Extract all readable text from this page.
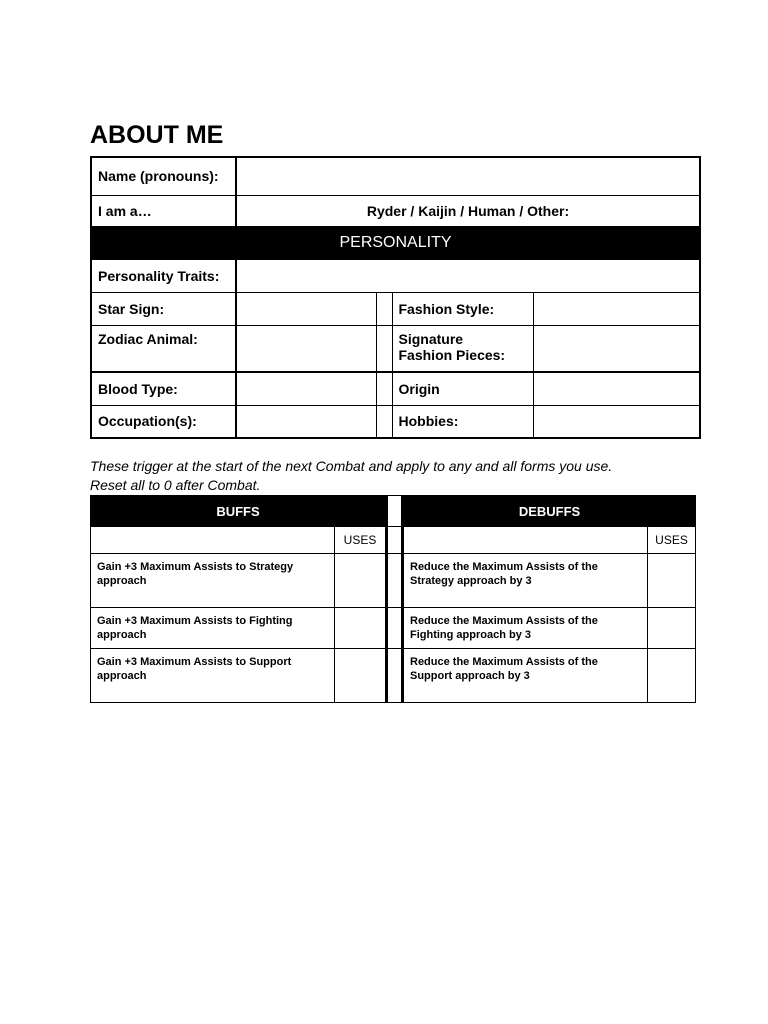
ABOUT ME
Name (pronouns):				
I am a…	Ryder / Kaijin / Human / Other:			
PERSONALITY				
Personality Traits:				
Star Sign:			Fashion Style:	
Zodiac Animal:			Signature
Fashion Pieces:	
Blood Type:			Origin	
Occupation(s):			Hobbies:	

These trigger at the start of the next Combat and apply to any and all forms you use.
Reset all to 0 after Combat.

BUFFS			DEBUFFS	
	USES			USES
Gain +3 Maximum Assists to Strategy approach			Reduce the Maximum Assists of the Strategy approach by 3	
Gain +3 Maximum Assists to Fighting approach			Reduce the Maximum Assists of the Fighting approach by 3	
Gain +3 Maximum Assists to Support approach			Reduce the Maximum Assists of the Support approach by 3	
